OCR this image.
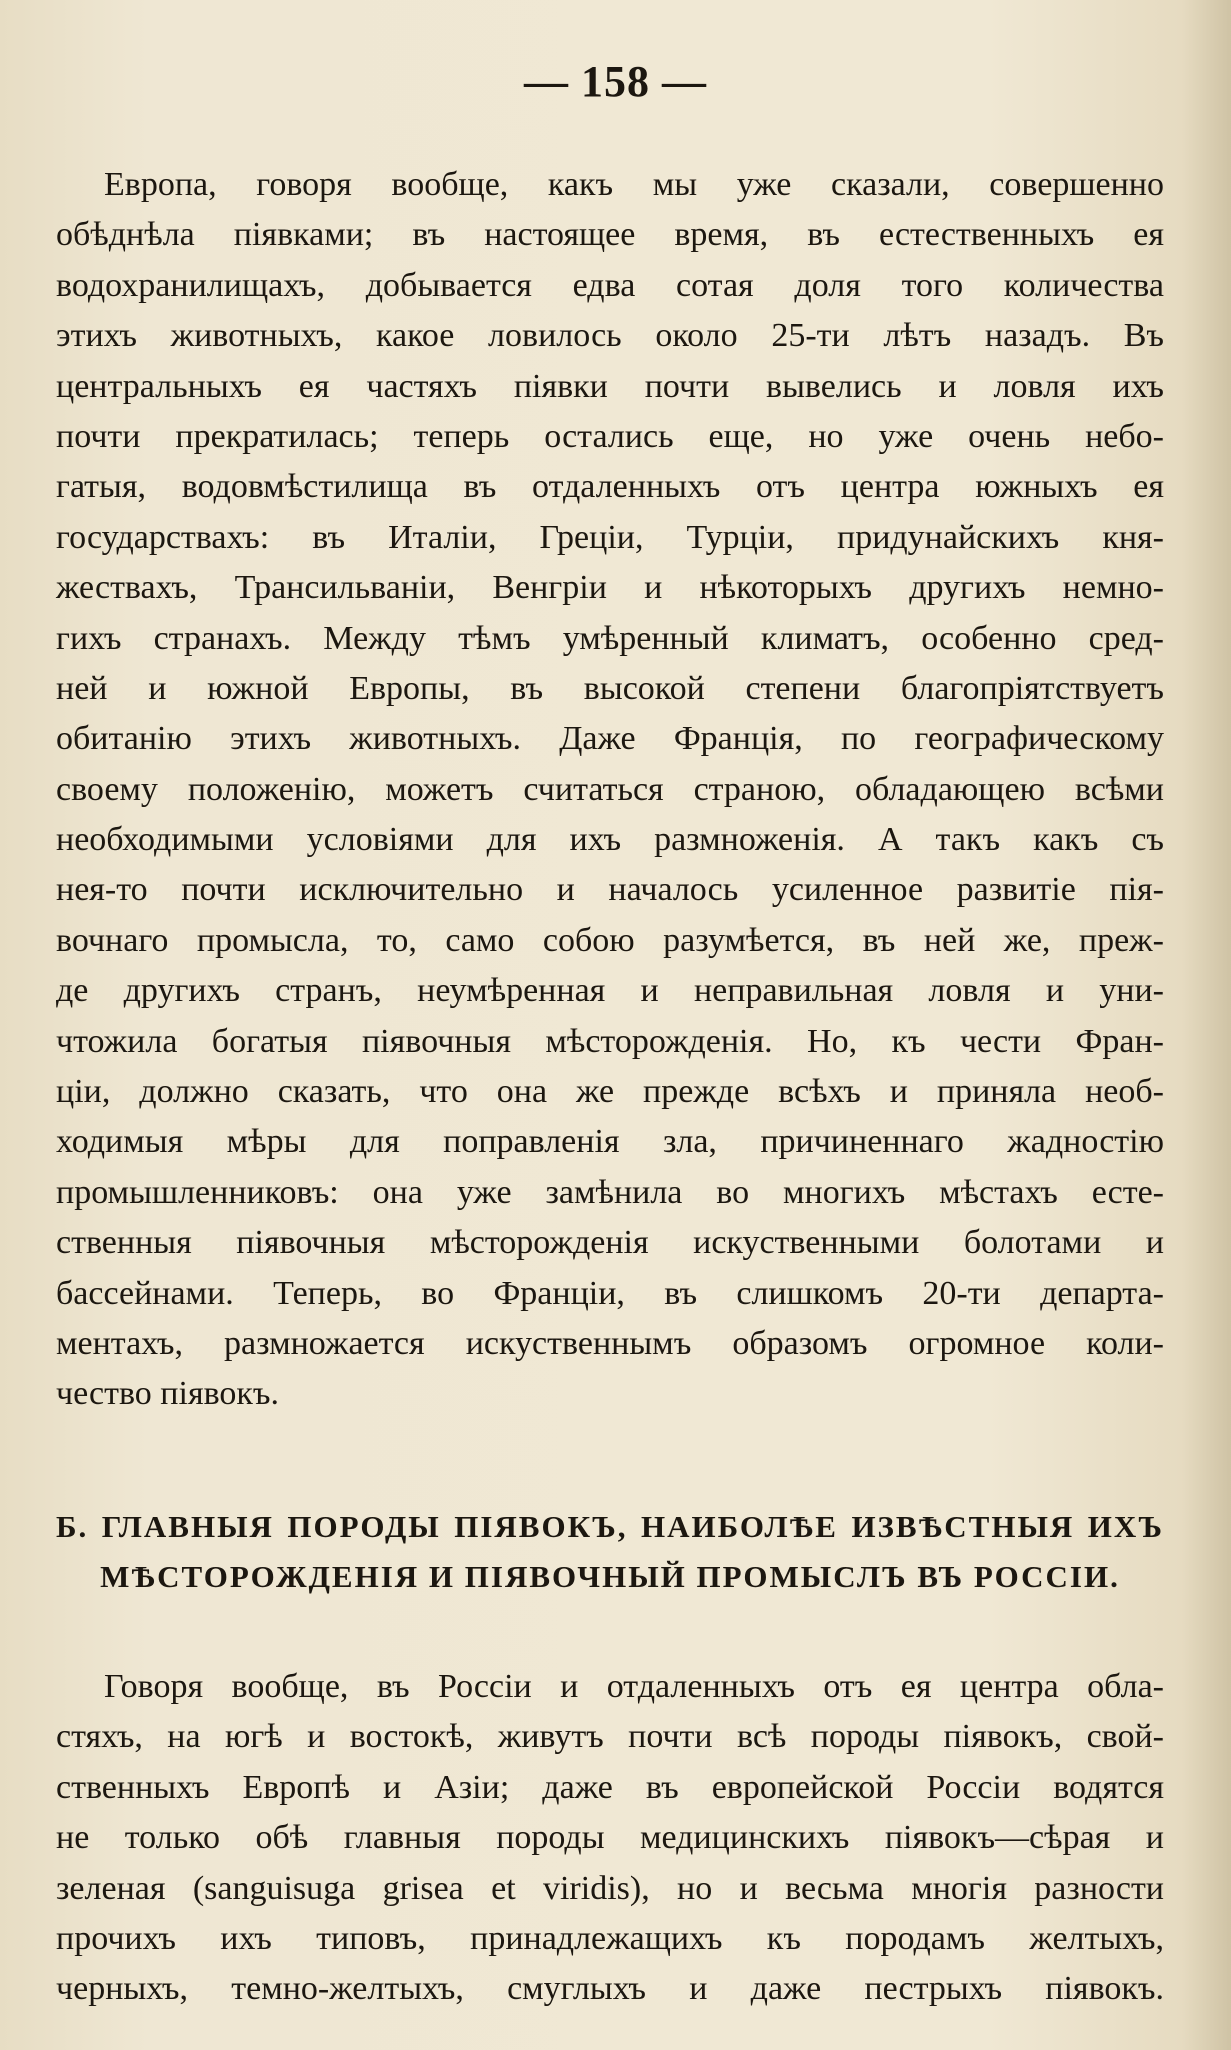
— 158 —
Европа, говоря вообще, какъ мы уже сказали, совершенно
обѣднѣла піявками; въ настоящее время, въ естественныхъ ея
водохранилищахъ, добывается едва сотая доля того количества
этихъ животныхъ, какое ловилось около 25-ти лѣтъ назадъ. Въ
центральныхъ ея частяхъ піявки почти вывелись и ловля ихъ
почти прекратилась; теперь остались еще, но уже очень небо-
гатыя, водовмѣстилища въ отдаленныхъ отъ центра южныхъ ея
государствахъ: въ Италіи, Греціи, Турціи, придунайскихъ кня-
жествахъ, Трансильваніи, Венгріи и нѣкоторыхъ другихъ немно-
гихъ странахъ. Между тѣмъ умѣренный климатъ, особенно сред-
ней и южной Европы, въ высокой степени благопріятствуетъ
обитанію этихъ животныхъ. Даже Франція, по географическому
своему положенію, можетъ считаться страною, обладающею всѣми
необходимыми условіями для ихъ размноженія. А такъ какъ съ
нея-то почти исключительно и началось усиленное развитіе пія-
вочнаго промысла, то, само собою разумѣется, въ ней же, преж-
де другихъ странъ, неумѣренная и неправильная ловля и уни-
чтожила богатыя піявочныя мѣсторожденія. Но, къ чести Фран-
ціи, должно сказать, что она же прежде всѣхъ и приняла необ-
ходимыя мѣры для поправленія зла, причиненнаго жадностію
промышленниковъ: она уже замѣнила во многихъ мѣстахъ есте-
ственныя піявочныя мѣсторожденія искуственными болотами и
бассейнами. Теперь, во Франціи, въ слишкомъ 20-ти департа-
ментахъ, размножается искуственнымъ образомъ огромное коли-
чество піявокъ.
Б. ГЛАВНЫЯ ПОРОДЫ ПІЯВОКЪ, НАИБОЛѢЕ ИЗВѢСТНЫЯ ИХЪ
МѢСТОРОЖДЕНІЯ И ПІЯВОЧНЫЙ ПРОМЫСЛЪ ВЪ РОССІИ.
Говоря вообще, въ Россіи и отдаленныхъ отъ ея центра обла-
стяхъ, на югѣ и востокѣ, живутъ почти всѣ породы піявокъ, свой-
ственныхъ Европѣ и Азіи; даже въ европейской Россіи водятся
не только обѣ главныя породы медицинскихъ піявокъ—сѣрая и
зеленая (sanguisuga grisea et viridis), но и весьма многія разности
прочихъ ихъ типовъ, принадлежащихъ къ породамъ желтыхъ,
черныхъ, темно-желтыхъ, смуглыхъ и даже пестрыхъ піявокъ.
